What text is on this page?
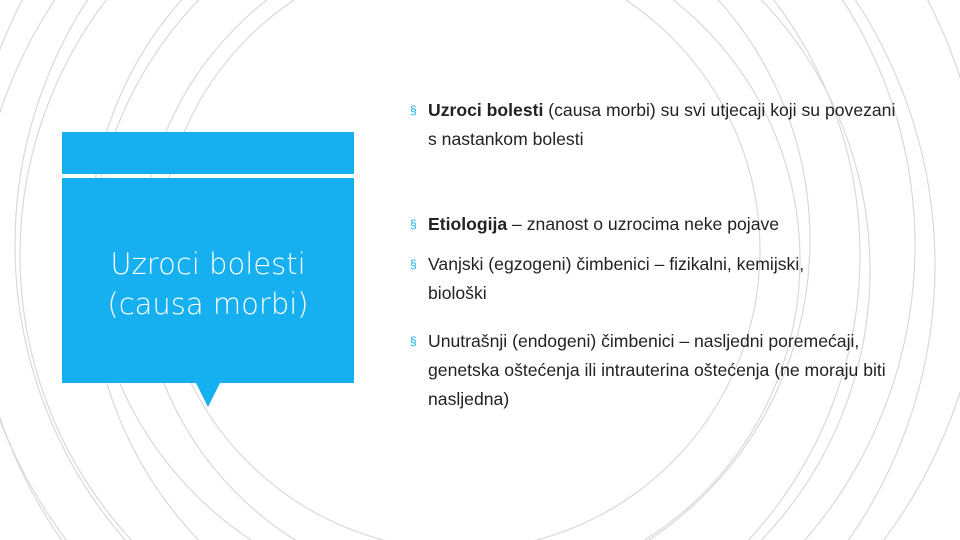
Uzroci bolesti
(causa morbi)
§ Uzroci bolesti (causa morbi) su svi utjecaji koji su povezani s nastankom bolesti
§ Etiologija – znanost o uzrocima neke pojave
§ Vanjski (egzogeni) čimbenici – fizikalni, kemijski, biološki
§ Unutrašnji (endogeni) čimbenici – nasljedni poremećaji, genetska oštećenja ili intrauterina oštećenja (ne moraju biti nasljedna)
